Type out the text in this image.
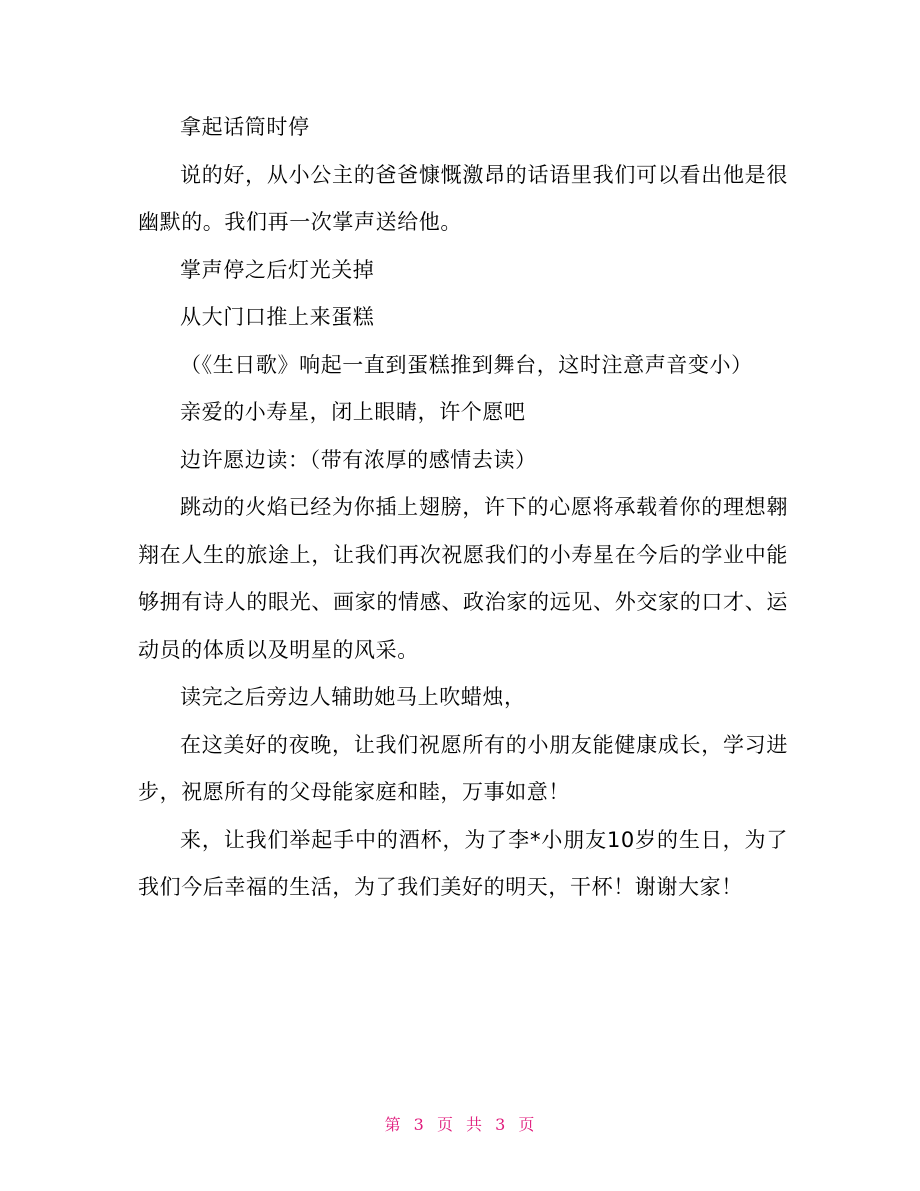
拿起话筒时停

说的好，从小公主的爸爸慷慨激昂的话语里我们可以看出他是很幽默的。我们再一次掌声送给他。

掌声停之后灯光关掉

从大门口推上来蛋糕

（《生日歌》响起一直到蛋糕推到舞台，这时注意声音变小）

亲爱的小寿星，闭上眼睛，许个愿吧

边许愿边读：（带有浓厚的感情去读）

跳动的火焰已经为你插上翅膀，许下的心愿将承载着你的理想翱翔在人生的旅途上，让我们再次祝愿我们的小寿星在今后的学业中能够拥有诗人的眼光、画家的情感、政治家的远见、外交家的口才、运动员的体质以及明星的风采。

读完之后旁边人辅助她马上吹蜡烛，

在这美好的夜晚，让我们祝愿所有的小朋友能健康成长，学习进步，祝愿所有的父母能家庭和睦，万事如意！

来，让我们举起手中的酒杯，为了李*小朋友10岁的生日，为了我们今后幸福的生活，为了我们美好的明天，干杯！谢谢大家！

第 3 页 共 3 页
